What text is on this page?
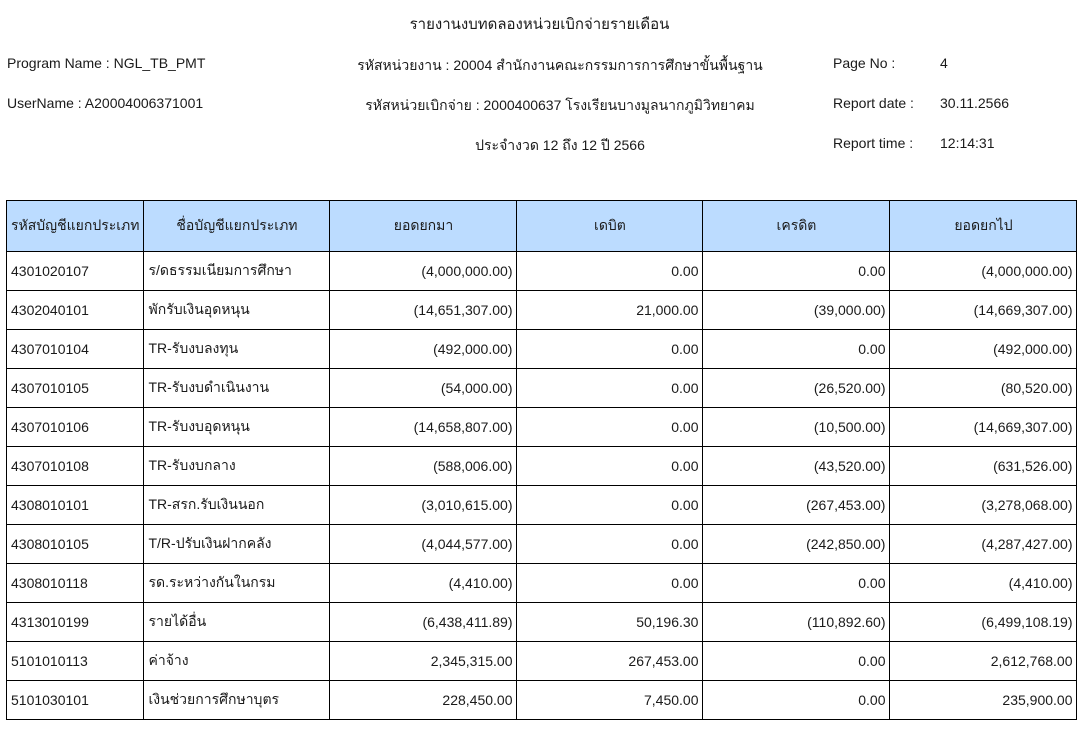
รายงานงบทดลองหน่วยเบิกจ่ายรายเดือน
Program Name : NGL_TB_PMT
UserName : A20004006371001
รหัสหน่วยงาน : 20004 สำนักงานคณะกรรมการการศึกษาขั้นพื้นฐาน
รหัสหน่วยเบิกจ่าย : 2000400637 โรงเรียนบางมูลนากภูมิวิทยาคม
ประจำงวด 12 ถึง 12 ปี 2566
Page No :	4
Report date : 30.11.2566
Report time : 12:14:31
รหัสบัญชีแยกประเภท	ชื่อบัญชีแยกประเภท	ยอดยกมา	เดบิต	เครดิต	ยอดยกไป
4301020107	ร/ดธรรมเนียมการศึกษา	(4,000,000.00)	0.00	0.00	(4,000,000.00)
4302040101	พักรับเงินอุดหนุน	(14,651,307.00)	21,000.00	(39,000.00)	(14,669,307.00)
4307010104	TR-รับงบลงทุน	(492,000.00)	0.00	0.00	(492,000.00)
4307010105	TR-รับงบดำเนินงาน	(54,000.00)	0.00	(26,520.00)	(80,520.00)
4307010106	TR-รับงบอุดหนุน	(14,658,807.00)	0.00	(10,500.00)	(14,669,307.00)
4307010108	TR-รับงบกลาง	(588,006.00)	0.00	(43,520.00)	(631,526.00)
4308010101	TR-สรก.รับเงินนอก	(3,010,615.00)	0.00	(267,453.00)	(3,278,068.00)
4308010105	T/R-ปรับเงินฝากคลัง	(4,044,577.00)	0.00	(242,850.00)	(4,287,427.00)
4308010118	รด.ระหว่างกันในกรม	(4,410.00)	0.00	0.00	(4,410.00)
4313010199	รายได้อื่น	(6,438,411.89)	50,196.30	(110,892.60)	(6,499,108.19)
5101010113	ค่าจ้าง	2,345,315.00	267,453.00	0.00	2,612,768.00
5101030101	เงินช่วยการศึกษาบุตร	228,450.00	7,450.00	0.00	235,900.00
